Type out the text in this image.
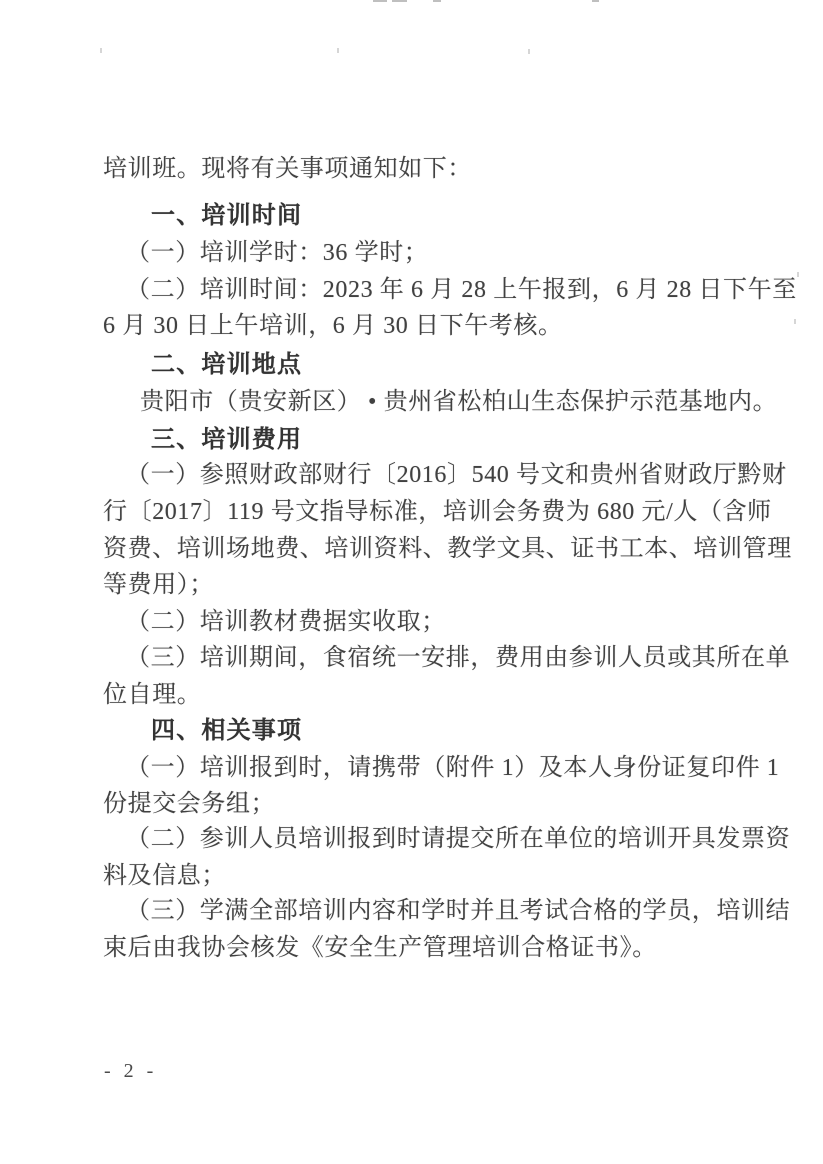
培训班。现将有关事项通知如下：
一、培训时间
（一）培训学时：36 学时；
（二）培训时间：2023 年 6 月 28 上午报到，6 月 28 日下午至
6 月 30 日上午培训，6 月 30 日下午考核。
二、培训地点
贵阳市（贵安新区） • 贵州省松柏山生态保护示范基地内。
三、培训费用
（一）参照财政部财行〔2016〕540 号文和贵州省财政厅黔财
行〔2017〕119 号文指导标准，培训会务费为 680 元/人（含师
资费、培训场地费、培训资料、教学文具、证书工本、培训管理
等费用）；
（二）培训教材费据实收取；
（三）培训期间，食宿统一安排，费用由参训人员或其所在单
位自理。
四、相关事项
（一）培训报到时，请携带（附件 1）及本人身份证复印件 1
份提交会务组；
（二）参训人员培训报到时请提交所在单位的培训开具发票资
料及信息；
（三）学满全部培训内容和学时并且考试合格的学员，培训结
束后由我协会核发《安全生产管理培训合格证书》。
- 2 -
